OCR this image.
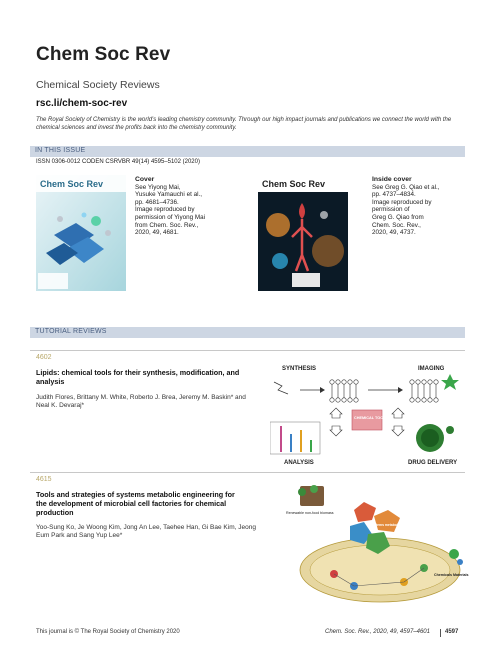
Chem Soc Rev
Chemical Society Reviews
rsc.li/chem-soc-rev
The Royal Society of Chemistry is the world's leading chemistry community. Through our high impact journals and publications we connect the world with the chemical sciences and invest the profits back into the chemistry community.
IN THIS ISSUE
ISSN 0306-0012 CODEN CSRVBR 49(14) 4595–5102 (2020)
Chem Soc Rev	Cover
See Yiyong Mai,
Yusuke Yamauchi et al.,
pp. 4681–4736.
Image reproduced by
permission of Yiyong Mai
from Chem. Soc. Rev.,
2020, 49, 4681.
Chem Soc Rev	Inside cover
See Greg G. Qiao et al.,
pp. 4737–4834.
Image reproduced by
permission of
Greg G. Qiao from
Chem. Soc. Rev.,
2020, 49, 4737.
TUTORIAL REVIEWS
4602
Lipids: chemical tools for their synthesis, modification, and analysis
Judith Flores, Brittany M. White, Roberto J. Brea, Jeremy M. Baskin* and Neal K. Devaraj*
SYNTHESIS	IMAGING
CHEMICAL TOOLS
ANALYSIS	DRUG DELIVERY
4615
Tools and strategies of systems metabolic engineering for the development of microbial cell factories for chemical production
Yoo-Sung Ko, Je Woong Kim, Jong An Lee, Taehee Han, Gi Bae Kim, Jeong Eum Park and Sang Yup Lee*
Renewable non-food biomass
Systems metabolic engineering
Chemicals Materials
This journal is © The Royal Society of Chemistry 2020	Chem. Soc. Rev., 2020, 49, 4597–4601	4597
